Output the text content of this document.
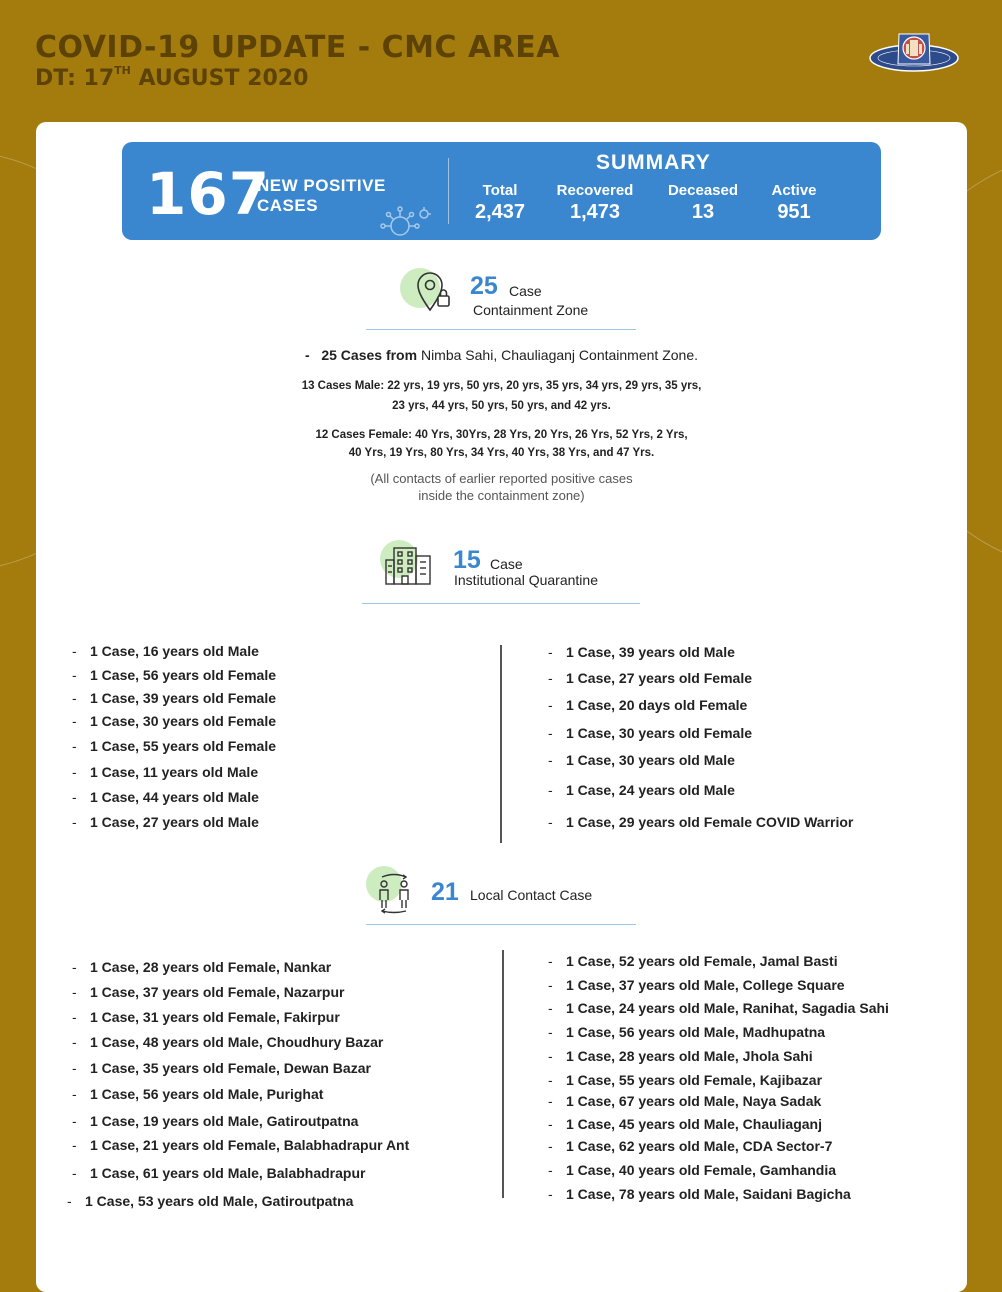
COVID-19 UPDATE - CMC AREA
DT: 17TH AUGUST 2020
167
NEW POSITIVE
CASES
SUMMARY
Total
2,437
Recovered
1,473
Deceased
13
Active
951
25 Case
Containment Zone
- 25 Cases from Nimba Sahi, Chauliaganj Containment Zone.
13 Cases Male: 22 yrs, 19 yrs, 50 yrs, 20 yrs, 35 yrs, 34 yrs, 29 yrs, 35 yrs,
23 yrs, 44 yrs, 50 yrs, 50 yrs, and 42 yrs.
12 Cases Female: 40 Yrs, 30Yrs, 28 Yrs, 20 Yrs, 26 Yrs, 52 Yrs, 2 Yrs,
40 Yrs, 19 Yrs, 80 Yrs, 34 Yrs, 40 Yrs, 38 Yrs, and 47 Yrs.
(All contacts of earlier reported positive cases
inside the containment zone)
15 Case
Institutional Quarantine
- 1 Case, 16 years old Male
- 1 Case, 56 years old Female
- 1 Case, 39 years old Female
- 1 Case, 30 years old Female
- 1 Case, 55 years old Female
- 1 Case, 11 years old Male
- 1 Case, 44 years old Male
- 1 Case, 27 years old Male
- 1 Case, 39 years old Male
- 1 Case, 27 years old Female
- 1 Case, 20 days old Female
- 1 Case, 30 years old Female
- 1 Case, 30 years old Male
- 1 Case, 24 years old Male
- 1 Case, 29 years old Female COVID Warrior
21 Local Contact Case
- 1 Case, 28 years old Female, Nankar
- 1 Case, 37 years old Female, Nazarpur
- 1 Case, 31 years old Female, Fakirpur
- 1 Case, 48 years old Male, Choudhury Bazar
- 1 Case, 35 years old Female, Dewan Bazar
- 1 Case, 56 years old Male, Purighat
- 1 Case, 19 years old Male, Gatiroutpatna
- 1 Case, 21 years old Female, Balabhadrapur Ant
- 1 Case, 61 years old Male, Balabhadrapur
- 1 Case, 53 years old Male, Gatiroutpatna
- 1 Case, 52 years old Female, Jamal Basti
- 1 Case, 37 years old Male, College Square
- 1 Case, 24 years old Male, Ranihat, Sagadia Sahi
- 1 Case, 56 years old Male, Madhupatna
- 1 Case, 28 years old Male, Jhola Sahi
- 1 Case, 55 years old Female, Kajibazar
- 1 Case, 67 years old Male, Naya Sadak
- 1 Case, 45 years old Male, Chauliaganj
- 1 Case, 62 years old Male, CDA Sector-7
- 1 Case, 40 years old Female, Gamhandia
- 1 Case, 78 years old Male, Saidani Bagicha
